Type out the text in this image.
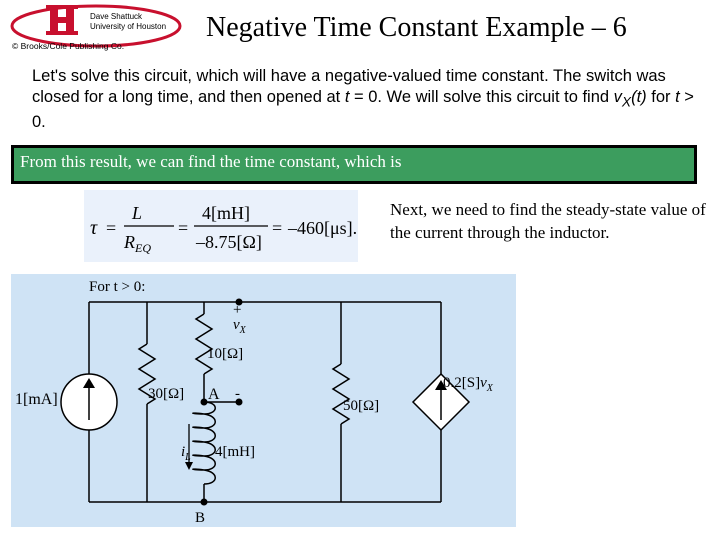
Dave Shattuck
University of Houston
© Brooks/Cole Publishing Co.
Negative Time Constant Example – 6
Let's solve this circuit, which will have a negative-valued time constant. The switch was closed for a long time, and then opened at t = 0. We will solve this circuit to find $v_X(t)$ for t > 0.
From this result, we can find the time constant, which is
τ =
L
$R_{EQ}$
=
4[mH]
–8.75[Ω]
= –460[μs].
Next, we need to find the steady-state value of the current through the inductor.
For t > 0:
1[mA]	30[Ω] A
10[Ω]
+
$v_X$
-
$i_L$ 4[mH]
B
50[Ω]
$0.2[S]v_X$
